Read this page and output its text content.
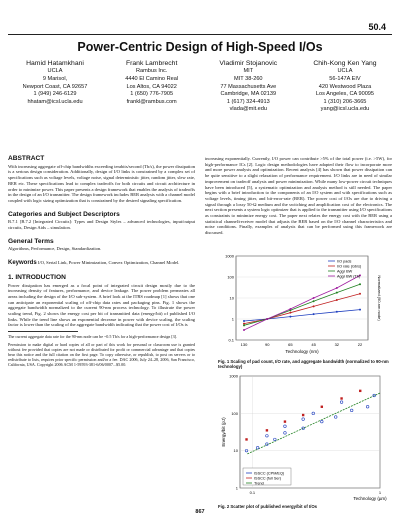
50.4
Power-Centric Design of High-Speed I/Os
Hamid Hatamkhani
UCLA
9 Marisol,
Newport Coast, CA 92657
1 (949) 246-6129
hhatam@icsl.ucla.edu
Frank Lambrecht
Rambus Inc.
4440 El Camino Real
Los Altos, CA 94022
1 (650) 776-7905
frankl@rambus.com
Vladimir Stojanovic
MIT
MIT 38-260
77 Massachusetts Ave
Cambridge, MA 02139
1 (617) 324-4913
vlada@mit.edu
Chih-Kong Ken Yang
UCLA
56-147A EIV
420 Westwood Plaza
Los Angeles, CA 90095
1 (310) 206-3665
yang@icsl.ucla.edu
ABSTRACT
With increasing aggregate off-chip bandwidths exceeding terabits/second (Tb/s), the power dissipation is a serious design consideration. Additionally, design of I/O links is constrained by a complex set of specifications such as voltage levels, voltage noise, signal deterministic jitter, random jitter, slew rate, BER etc. These specifications lead to complex tradeoffs for both circuits and circuit architecture in order to minimize power. This paper presents a design framework that enables the analysis of tradeoffs in the design of an I/O transmitter. The design framework includes BER analysis with a channel model coupled with logic sizing optimization that is constrained by the desired signaling specification.
Categories and Subject Descriptors
B.7.1 [B.7.2 [Integrated Circuits]: Types and Design Styles – advanced technologies, input/output circuits, Design Aids – simulation.
General Terms
Algorithms, Performance, Design, Standardization.
Keywords I/O, Serial Link, Power Minimization, Convex Optimization, Channel Model.
1. INTRODUCTION
Power dissipation has emerged as a focal point of integrated circuit design mostly due to the increasing density of features, performance, and device leakage. The power problem permeates all areas including the design of the I/O sub-system. A brief look at the ITRS roadmap [1] shows that one can anticipate an exponential scaling of off-chip data rates and packaging pins. Fig. 1 shows the aggregate bandwidth normalized to the current 90-nm process technology. To illustrate the power scaling trend, Fig. 2 shows the energy cost per bit of transmitted data (energy/bit) of published I/O links. While the trend line shows an exponential decrease in power with device scaling, the scaling factor is lower than the scaling of the aggregate bandwidth indicating that the power cost of I/Os is
The current aggregate data rate for the 90-nm node can be ~0.5 Tb/s for a high-performance design [3].
Permission to make digital or hard copies of all or part of this work for personal or classroom use is granted without fee provided that copies are not made or distributed for profit or commercial advantage and that copies bear this notice and the full citation on the first page. To copy otherwise, or republish, to post on servers or to redistribute to lists, requires prior specific permission and/or a fee. DAC 2006, July 24–28, 2006, San Francisco, California, USA. Copyright 2006 ACM 1-59593-381-6/06/0007...$5.00.
increasing exponentially. Currently, I/O power can contribute >5% of the total power (i.e. >5W), for high-performance ICs [2]. Logic design methodologies have adapted their flow to incorporate more and more power analysis and optimization. Recent analysis [4] has shown that power dissipation can be quite sensitive to a slight relaxation of performance requirement. I/O links are in need of similar improvement on tradeoff analysis and power minimization. While many low-power circuit techniques have been introduced [5], a systematic optimization and analysis method is still needed. The paper begins with a brief introduction to the components of an I/O system and with specifications such as voltage levels, timing jitter, and bit-error-rate (BER). The power cost of I/Os are due to driving a signal through a lossy 50-Ω medium and the switching and amplification cost of the electronics. The next section presents a system logic optimizer that is applied to the transmitter using I/O specifications as constraints to minimize energy cost. The paper next relates the energy cost with the BER using a statistical channel/receiver model that adjusts the BER based on the I/O channel characteristics and noise conditions. Finally, examples of analysis that can be performed using this framework are discussed.
0.1
1
10
100
1000
130	90	65	45	32	22
Technology (nm)
Normalized (90-nm node)
I/O pads
I/O rate (Gb/s)
Aggr BW
Aggr BW (Tb)
Fig. 1 Scaling of pad count, I/O rate, and aggregate bandwidth (normalized to 90-nm technology)
1
10
100
1000
0.1	1
Technology (µm)
Energy/bit (pJ)
ISSCC (CPM/EQ)
ISSCC (full Ser)
Trend
Fig. 2 Scatter plot of published energy/bit of I/Os
867
